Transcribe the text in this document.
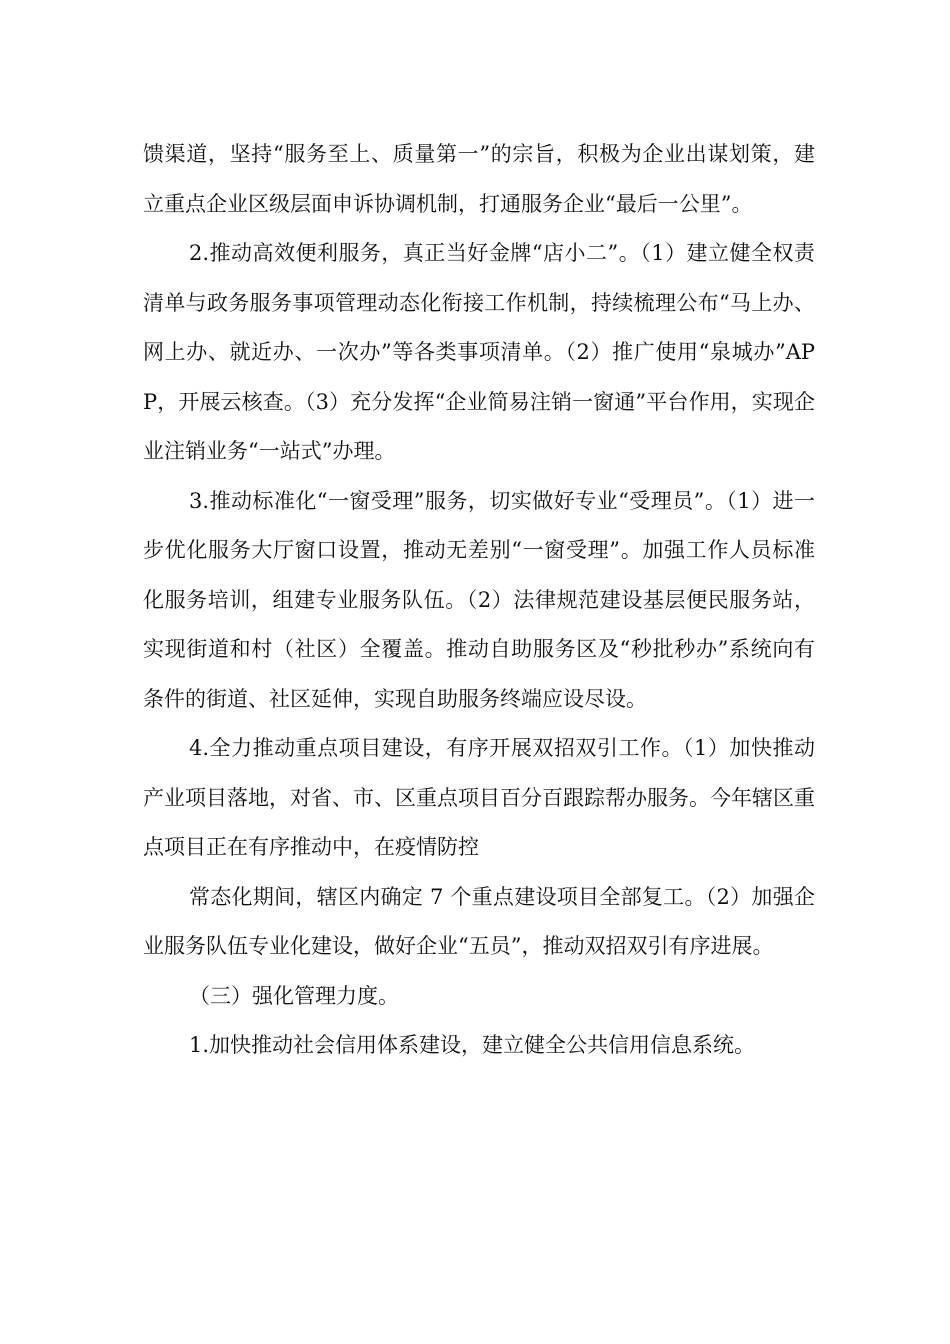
馈渠道，坚持“服务至上、质量第一”的宗旨，积极为企业出谋划策，建立重点企业区级层面申诉协调机制，打通服务企业“最后一公里”。

2.推动高效便利服务，真正当好金牌“店小二”。（1）建立健全权责清单与政务服务事项管理动态化衔接工作机制，持续梳理公布“马上办、网上办、就近办、一次办”等各类事项清单。（2）推广使用“泉城办”APP，开展云核查。（3）充分发挥“企业简易注销一窗通”平台作用，实现企业注销业务“一站式”办理。

3.推动标准化“一窗受理”服务，切实做好专业“受理员”。（1）进一步优化服务大厅窗口设置，推动无差别“一窗受理”。加强工作人员标准化服务培训，组建专业服务队伍。（2）法律规范建设基层便民服务站，实现街道和村（社区）全覆盖。推动自助服务区及“秒批秒办”系统向有条件的街道、社区延伸，实现自助服务终端应设尽设。

4.全力推动重点项目建设，有序开展双招双引工作。（1）加快推动产业项目落地，对省、市、区重点项目百分百跟踪帮办服务。今年辖区重点项目正在有序推动中，在疫情防控

常态化期间，辖区内确定 7 个重点建设项目全部复工。（2）加强企业服务队伍专业化建设，做好企业“五员”，推动双招双引有序进展。

（三）强化管理力度。

1.加快推动社会信用体系建设，建立健全公共信用信息系统。
